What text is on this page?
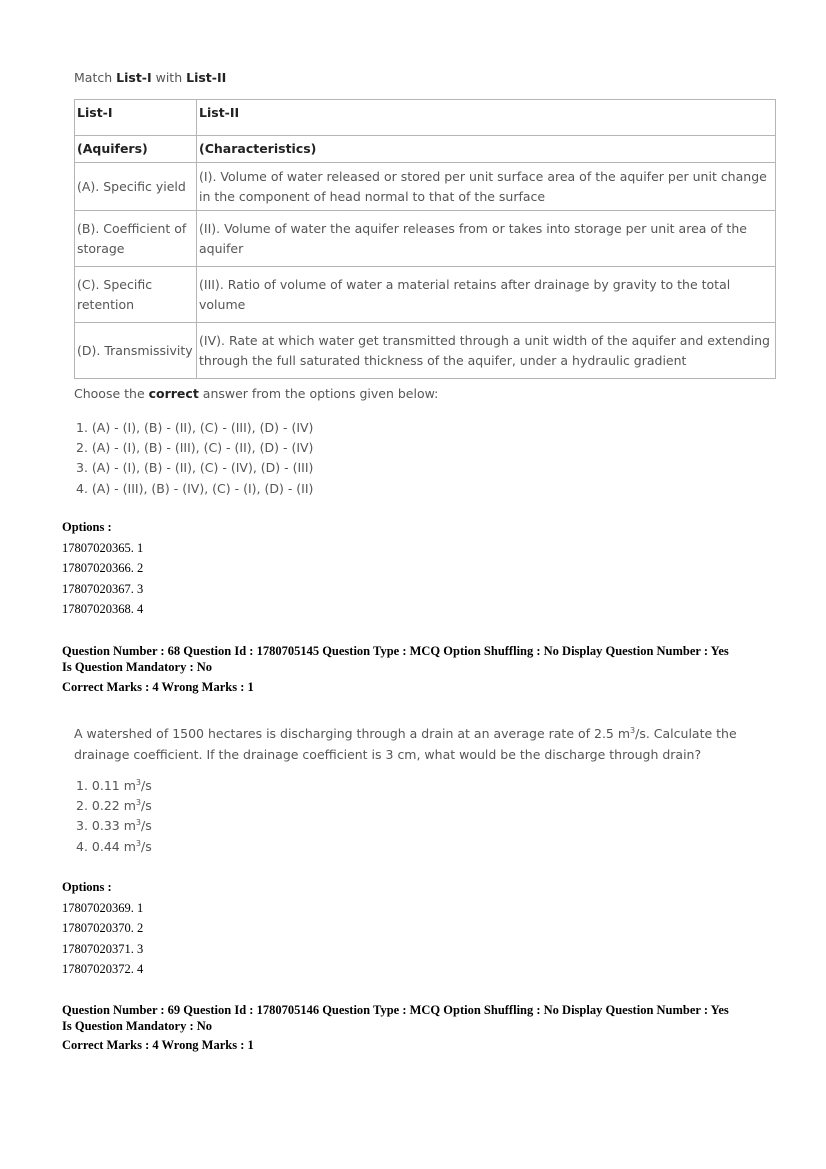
Match List-I with List-II
List-I	List-II
(Aquifers)	(Characteristics)
(A). Specific yield	(I). Volume of water released or stored per unit surface area of the aquifer per unit change in the component of head normal to that of the surface
(B). Coefficient of storage	(II). Volume of water the aquifer releases from or takes into storage per unit area of the aquifer
(C). Specific retention	(III). Ratio of volume of water a material retains after drainage by gravity to the total volume
(D). Transmissivity	(IV). Rate at which water get transmitted through a unit width of the aquifer and extending through the full saturated thickness of the aquifer, under a hydraulic gradient
Choose the correct answer from the options given below:
1. (A) - (I), (B) - (II), (C) - (III), (D) - (IV)
2. (A) - (I), (B) - (III), (C) - (II), (D) - (IV)
3. (A) - (I), (B) - (II), (C) - (IV), (D) - (III)
4. (A) - (III), (B) - (IV), (C) - (I), (D) - (II)
Options :
17807020365. 1
17807020366. 2
17807020367. 3
17807020368. 4
Question Number : 68 Question Id : 1780705145 Question Type : MCQ Option Shuffling : No Display Question Number : Yes
Is Question Mandatory : No
Correct Marks : 4 Wrong Marks : 1
A watershed of 1500 hectares is discharging through a drain at an average rate of 2.5 $m^3/s$. Calculate the drainage coefficient. If the drainage coefficient is 3 cm, what would be the discharge through drain?
1. 0.11 $m^3/s$
2. 0.22 $m^3/s$
3. 0.33 $m^3/s$
4. 0.44 $m^3/s$
Options :
17807020369. 1
17807020370. 2
17807020371. 3
17807020372. 4
Question Number : 69 Question Id : 1780705146 Question Type : MCQ Option Shuffling : No Display Question Number : Yes
Is Question Mandatory : No
Correct Marks : 4 Wrong Marks : 1
